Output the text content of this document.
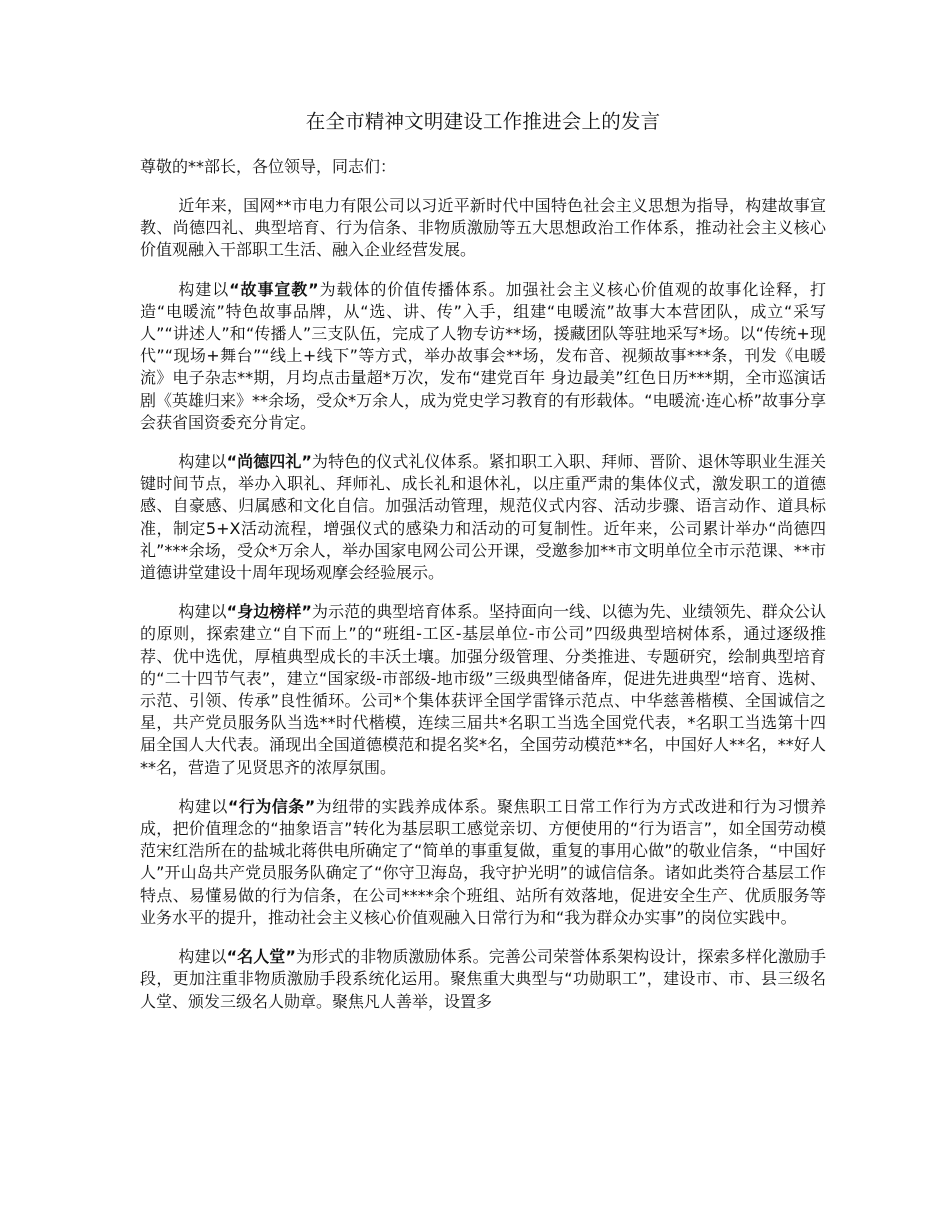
在全市精神文明建设工作推进会上的发言

尊敬的**部长，各位领导，同志们：

近年来，国网**市电力有限公司以习近平新时代中国特色社会主义思想为指导，构建故事宣教、尚德四礼、典型培育、行为信条、非物质激励等五大思想政治工作体系，推动社会主义核心价值观融入干部职工生活、融入企业经营发展。

构建以“故事宣教”为载体的价值传播体系。加强社会主义核心价值观的故事化诠释，打造“电暖流”特色故事品牌，从“选、讲、传”入手，组建“电暖流”故事大本营团队，成立“采写人”“讲述人”和“传播人”三支队伍，完成了人物专访**场，援藏团队等驻地采写*场。以“传统+现代”“现场+舞台”“线上+线下”等方式，举办故事会**场，发布音、视频故事***条，刊发《电暖流》电子杂志**期，月均点击量超*万次，发布“建党百年 身边最美”红色日历***期，全市巡演话剧《英雄归来》**余场，受众*万余人，成为党史学习教育的有形载体。“电暖流·连心桥”故事分享会获省国资委充分肯定。

构建以“尚德四礼”为特色的仪式礼仪体系。紧扣职工入职、拜师、晋阶、退休等职业生涯关键时间节点，举办入职礼、拜师礼、成长礼和退休礼，以庄重严肃的集体仪式，激发职工的道德感、自豪感、归属感和文化自信。加强活动管理，规范仪式内容、活动步骤、语言动作、道具标准，制定5+X活动流程，增强仪式的感染力和活动的可复制性。近年来，公司累计举办“尚德四礼”***余场，受众*万余人，举办国家电网公司公开课，受邀参加**市文明单位全市示范课、**市道德讲堂建设十周年现场观摩会经验展示。

构建以“身边榜样”为示范的典型培育体系。坚持面向一线、以德为先、业绩领先、群众公认的原则，探索建立“自下而上”的“班组-工区-基层单位-市公司”四级典型培树体系，通过逐级推荐、优中选优，厚植典型成长的丰沃土壤。加强分级管理、分类推进、专题研究，绘制典型培育的“二十四节气表”，建立“国家级-市部级-地市级”三级典型储备库，促进先进典型“培育、选树、示范、引领、传承”良性循环。公司*个集体获评全国学雷锋示范点、中华慈善楷模、全国诚信之星，共产党员服务队当选**时代楷模，连续三届共*名职工当选全国党代表，*名职工当选第十四届全国人大代表。涌现出全国道德模范和提名奖*名，全国劳动模范**名，中国好人**名，**好人**名，营造了见贤思齐的浓厚氛围。

构建以“行为信条”为纽带的实践养成体系。聚焦职工日常工作行为方式改进和行为习惯养成，把价值理念的“抽象语言”转化为基层职工感觉亲切、方便使用的“行为语言”，如全国劳动模范宋红浩所在的盐城北蒋供电所确定了“简单的事重复做，重复的事用心做”的敬业信条，“中国好人”开山岛共产党员服务队确定了“你守卫海岛，我守护光明”的诚信信条。诸如此类符合基层工作特点、易懂易做的行为信条，在公司****余个班组、站所有效落地，促进安全生产、优质服务等业务水平的提升，推动社会主义核心价值观融入日常行为和“我为群众办实事”的岗位实践中。

构建以“名人堂”为形式的非物质激励体系。完善公司荣誉体系架构设计，探索多样化激励手段，更加注重非物质激励手段系统化运用。聚焦重大典型与“功勋职工”，建设市、市、县三级名人堂、颁发三级名人勋章。聚焦凡人善举，设置多
